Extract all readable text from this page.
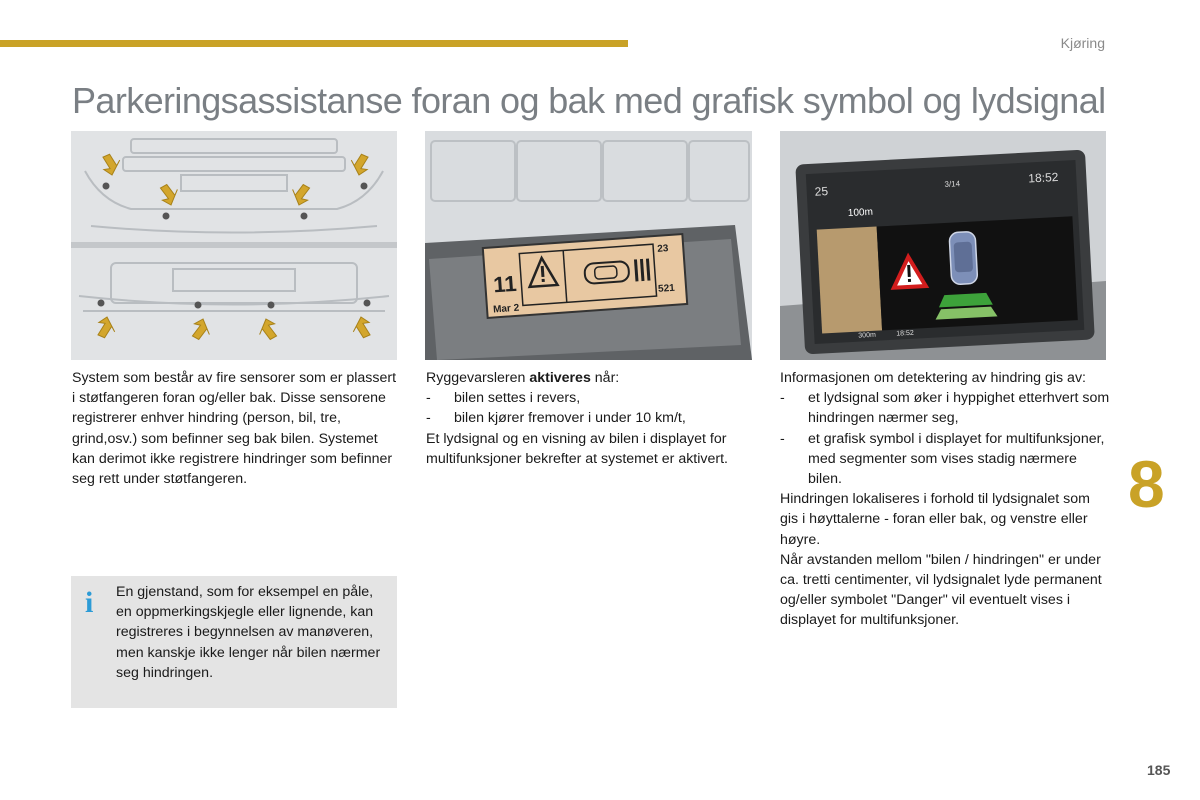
Kjøring
Parkeringsassistanse foran og bak med grafisk symbol og lydsignal
11
Mar 2
23
521
25
3/14	18:52
100m
300m	18:52

System som består av fire sensorer som er plassert i støtfangeren foran og/eller bak. Disse sensorene registrerer enhver hindring (person, bil, tre, grind,osv.) som befinner seg bak bilen. Systemet kan derimot ikke registrere hindringer som befinner seg rett under støtfangeren.

i En gjenstand, som for eksempel en påle, en oppmerkingskjegle eller lignende, kan registreres i begynnelsen av manøveren, men kanskje ikke lenger når bilen nærmer seg hindringen.

Ryggevarsleren aktiveres når:

- bilen settes i revers,
- bilen kjører fremover i under 10 km/t,

Et lydsignal og en visning av bilen i displayet for multifunksjoner bekrefter at systemet er aktivert.

Informasjonen om detektering av hindring gis av:

- et lydsignal som øker i hyppighet etterhvert som hindringen nærmer seg,
- et grafisk symbol i displayet for multifunksjoner, med segmenter som vises stadig nærmere bilen.

Hindringen lokaliseres i forhold til lydsignalet som gis i høyttalerne - foran eller bak, og venstre eller høyre.

Når avstanden mellom "bilen / hindringen" er under ca. tretti centimenter, vil lydsignalet lyde permanent og/eller symbolet "Danger" vil eventuelt vises i displayet for multifunksjoner.

8
185
